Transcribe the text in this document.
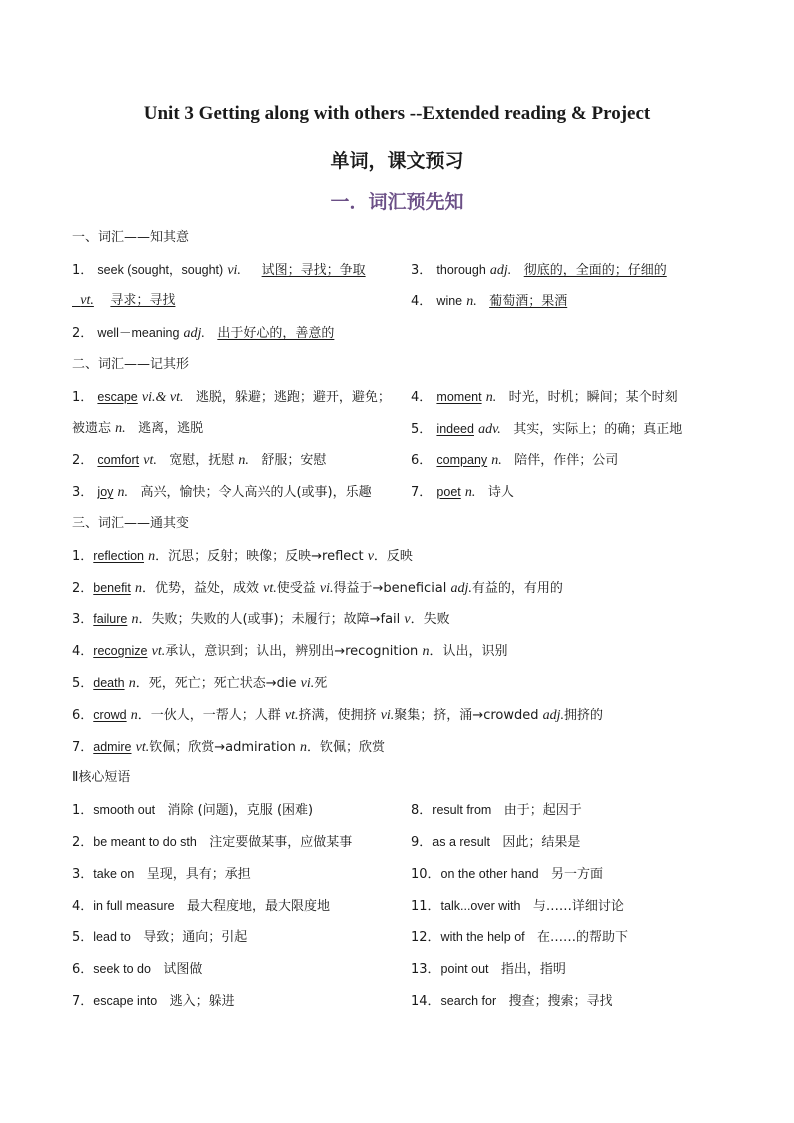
Unit 3 Getting along with others --Extended reading & Project
单词，课文预习
一．词汇预先知
一、词汇——知其意
1． seek (sought，sought) vi. 试图；寻找；争取
vt. 寻求；寻找
2． well－meaning adj. 出于好心的，善意的
3． thorough adj. 彻底的，全面的；仔细的
4． wine n. 葡萄酒；果酒
二、词汇——记其形
1． escape vi.& vt. 逃脱，躲避；逃跑；避开，避免；
被遗忘 n. 逃离，逃脱
2． comfort vt. 宽慰，抚慰 n. 舒服；安慰
3． joy n. 高兴，愉快；令人高兴的人(或事)，乐趣
4． moment n. 时光，时机；瞬间；某个时刻
5． indeed adv. 其实，实际上；的确；真正地
6． company n. 陪伴，作伴；公司
7． poet n. 诗人
三、词汇——通其变
1．reflection n．沉思；反射；映像；反映→reflect v．反映
2．benefit n．优势，益处，成效 vt.使受益 vi.得益于→beneficial adj.有益的，有用的
3．failure n．失败；失败的人(或事)；未履行；故障→fail v．失败
4．recognize vt.承认，意识到；认出，辨别出→recognition n．认出，识别
5．death n．死，死亡；死亡状态→die vi.死
6．crowd n．一伙人，一帮人；人群 vt.挤满，使拥挤 vi.聚集；挤，涌→crowded adj.拥挤的
7．admire vt.钦佩；欣赏→admiration n．钦佩；欣赏
Ⅱ核心短语
1．smooth out 消除 (问题)，克服 (困难)
2．be meant to do sth 注定要做某事，应做某事
3．take on 呈现，具有；承担
4．in full measure 最大程度地，最大限度地
5．lead to 导致；通向；引起
6．seek to do 试图做
7．escape into 逃入；躲进
8．result from 由于；起因于
9．as a result 因此；结果是
10．on the other hand 另一方面
11．talk...over with 与……详细讨论
12．with the help of 在……的帮助下
13．point out 指出，指明
14．search for 搜查；搜索；寻找
